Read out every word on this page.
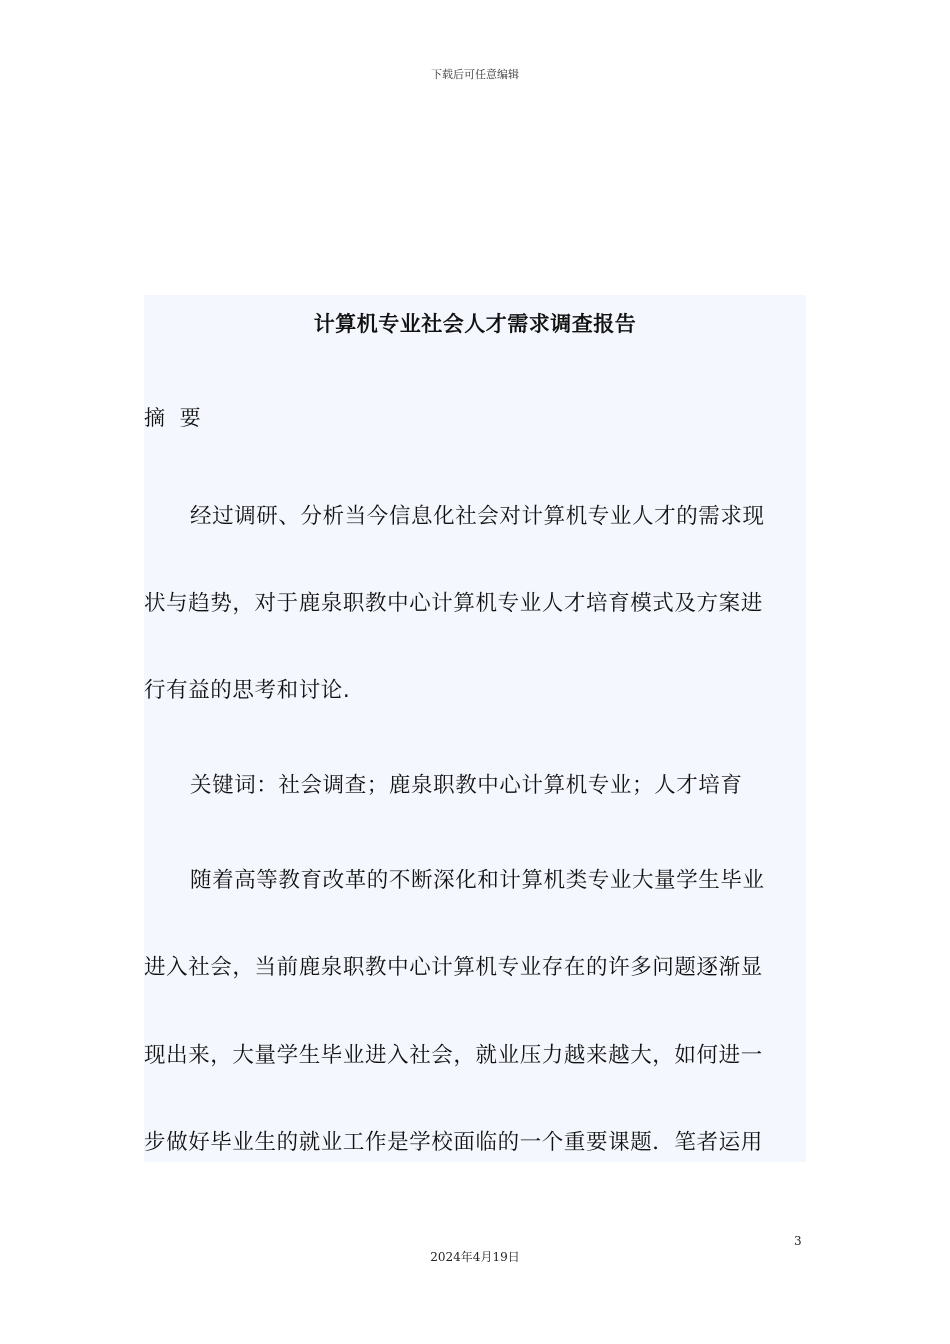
下载后可任意编辑
计算机专业社会人才需求调查报告
摘 要
经过调研、分析当今信息化社会对计算机专业人才的需求现
状与趋势，对于鹿泉职教中心计算机专业人才培育模式及方案进
行有益的思考和讨论.
关键词：社会调查；鹿泉职教中心计算机专业；人才培育
随着高等教育改革的不断深化和计算机类专业大量学生毕业
进入社会，当前鹿泉职教中心计算机专业存在的许多问题逐渐显
现出来，大量学生毕业进入社会，就业压力越来越大，如何进一
步做好毕业生的就业工作是学校面临的一个重要课题．笔者运用
3
2024年4月19日
